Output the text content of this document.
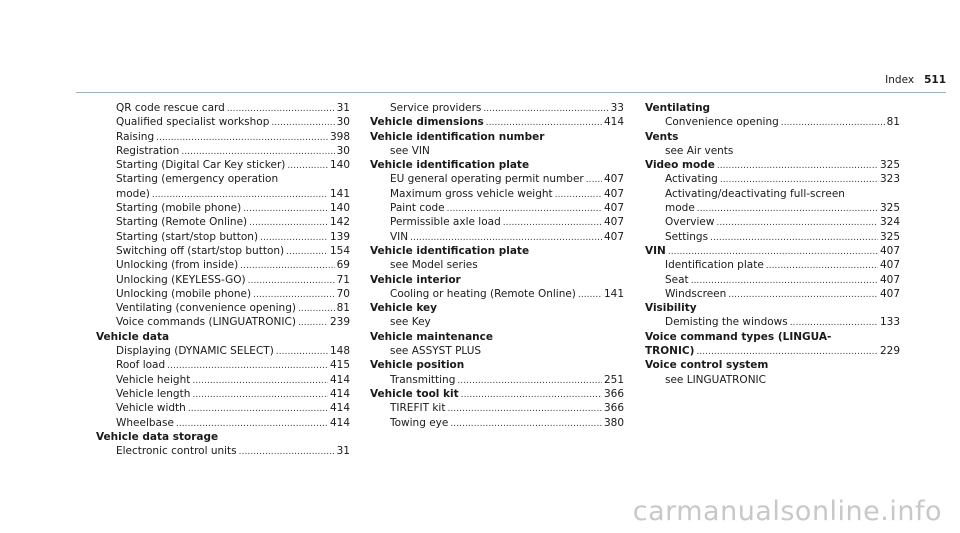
Index 511
QR code rescue card . . .	31
Qualified specialist workshop . . .	30
Raising . . .	398
Registration . . .	30
Starting (Digital Car Key sticker) . . .	140
Starting (emergency operation
mode) . . .	141
Starting (mobile phone) . . .	140
Starting (Remote Online) . . .	142
Starting (start/stop button) . . .	139
Switching off (start/stop button) . . .	154
Unlocking (from inside) . . .	69
Unlocking (KEYLESS-GO) . . .	71
Unlocking (mobile phone) . . .	70
Ventilating (convenience opening) . . .	81
Voice commands (LINGUATRONIC) . . .	239
Vehicle data
Displaying (DYNAMIC SELECT) . . .	148
Roof load . . .	415
Vehicle height . . .	414
Vehicle length . . .	414
Vehicle width . . .	414
Wheelbase . . .	414
Vehicle data storage
Electronic control units . . .	31
Service providers . . .	33
Vehicle dimensions . . .	414
Vehicle identification number
see VIN
Vehicle identification plate
EU general operating permit number . . . 407
Maximum gross vehicle weight . . .	407
Paint code . . .	407
Permissible axle load . . .	407
VIN . . .	407
Vehicle identification plate
see Model series
Vehicle interior
Cooling or heating (Remote Online) . . .	141
Vehicle key
see Key
Vehicle maintenance
see ASSYST PLUS
Vehicle position
Transmitting . . .	251
Vehicle tool kit . . .	366
TIREFIT kit . . .	366
Towing eye . . .	380
Ventilating
Convenience opening . . .	81
Vents
see Air vents
Video mode . . .	325
Activating . . .	323
Activating/deactivating full-screen
mode . . .	325
Overview . . .	324
Settings . . .	325
VIN . . .	407
Identification plate . . .	407
Seat . . .	407
Windscreen . . .	407
Visibility
Demisting the windows . . .	133
Voice command types (LINGUA-
TRONIC) . . .	229
Voice control system
see LINGUATRONIC
carmanualsonline.info
